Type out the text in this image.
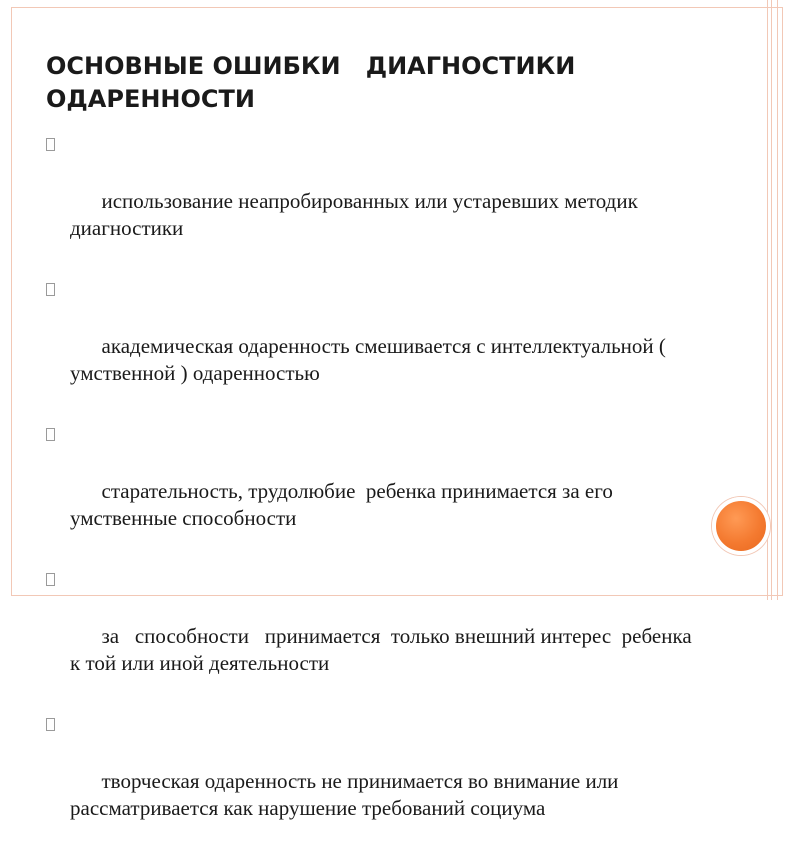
ОСНОВНЫЕ ОШИБКИ   ДИАГНОСТИКИ ОДАРЕННОСТИ

использование неапробированных или устаревших методик диагностики

академическая одаренность смешивается с интеллектуальной ( умственной ) одаренностью

старательность, трудолюбие  ребенка принимается за его умственные способности

за   способности   принимается  только внешний интерес  ребенка к той или иной деятельности

творческая одаренность не принимается во внимание или рассматривается как нарушение требований социума
